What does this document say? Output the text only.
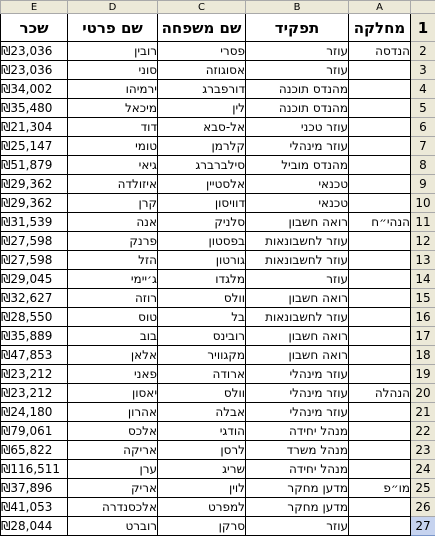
E	D	C	B	A	
שכר	שם פרטי	שם משפחה	תפקיד	מחלקה	1
₪23,036	רובין	פסרי	עוזר	הנדסה	2
₪23,036	סוני	אסוגוזה	עוזר		3
₪34,002	ירמיהו	דורפברג	מהנדס תוכנה		4
₪35,480	מיכאל	לין	מהנדס תוכנה		5
₪21,304	דוד	אל-סבא	עוזר טכני		6
₪25,147	טומי	קלרמן	עוזר מינהלי		7
₪51,879	גיאי	סילברברג	מהנדס מוביל		8
₪29,362	איזולדה	אלסטיין	טכנאי		9
₪29,362	קרן	דוויסון	טכנאי		10
₪31,539	אנה	סלניק	רואה חשבון	הנהי״ח	11
₪27,598	פרנק	בפסטון	עוזר לחשבונאות		12
₪27,598	הזל	גורטון	עוזר לחשבונאות		13
₪29,045	ג׳יימי	מלגדו	עוזר		14
₪32,627	רוזה	וולס	רואה חשבון		15
₪28,550	טוס	בל	עוזר לחשבונאות		16
₪35,889	בוב	רובינס	רואה חשבון		17
₪47,853	אלאן	מקגוויר	רואה חשבון		18
₪23,212	פאני	ארודה	עוזר מינהלי		19
₪23,212	יאסון	וולס	עוזר מינהלי	הנהלה	20
₪24,180	אהרון	אבלה	עוזר מינהלי		21
₪79,061	אלכס	הודגי	מנהל יחידה		22
₪65,822	אריקה	לרסן	מנהל משרד		23
₪116,511	ערן	שריג	מנהל יחידה		24
₪37,896	אריק	לוין	מדען מחקר	מו״פ	25
₪41,053	אלכסנדרה	למפרט	מדען מחקר		26
₪28,044	רוברט	סרקן	עוזר		27
